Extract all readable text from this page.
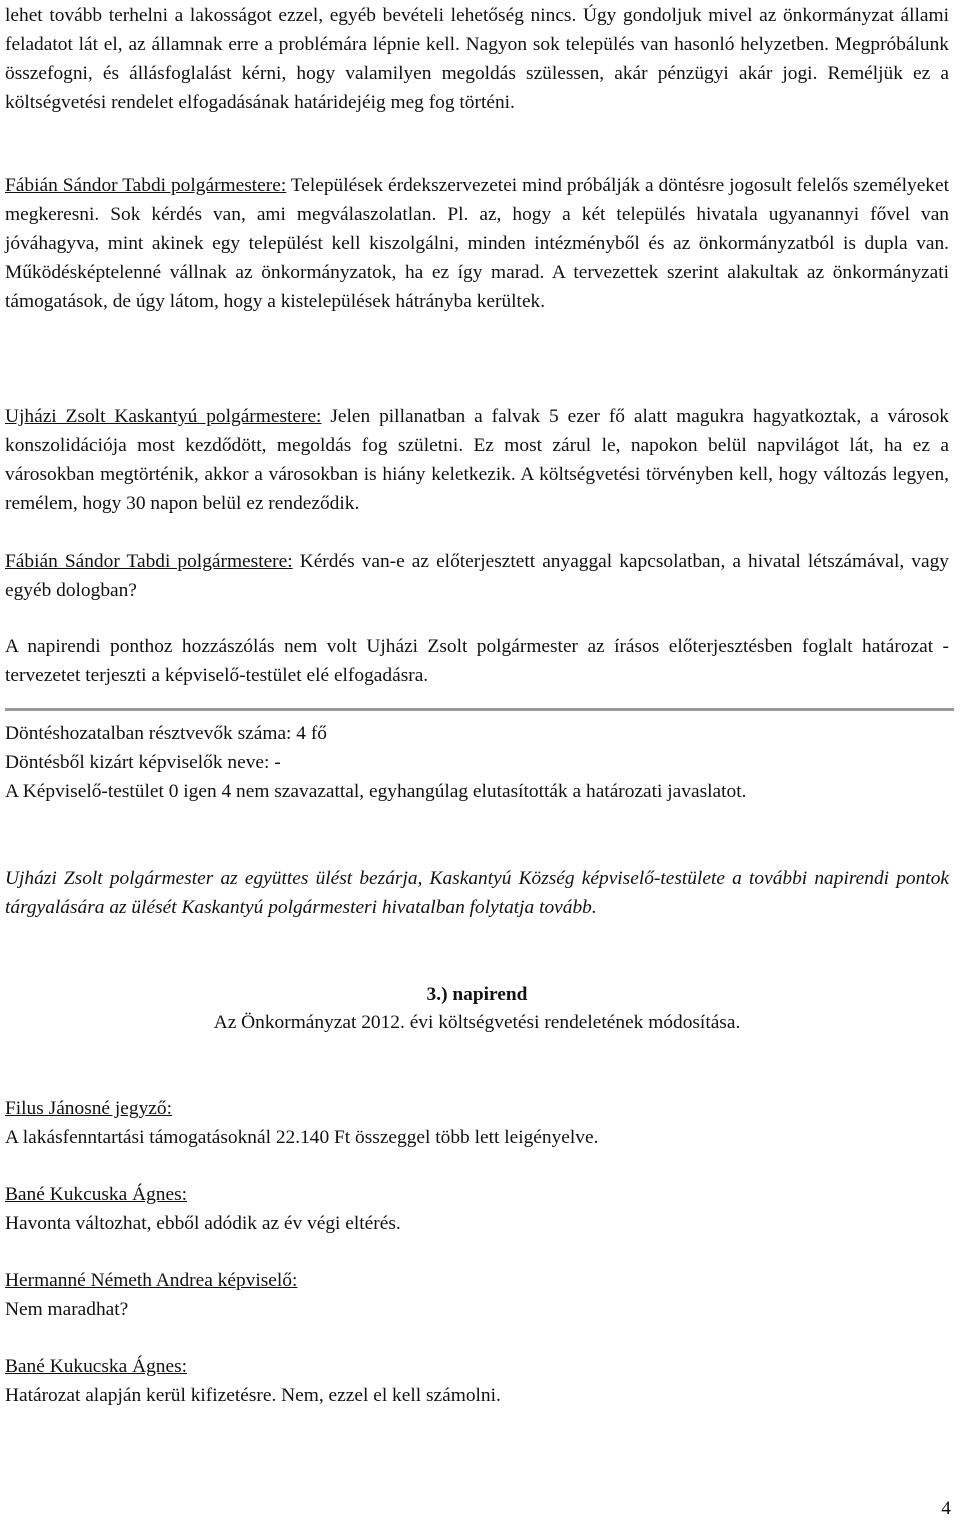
lehet tovább terhelni a lakosságot ezzel, egyéb bevételi lehetőség nincs. Úgy gondoljuk mivel az önkormányzat állami feladatot lát el, az államnak erre a problémára lépnie kell. Nagyon sok település van hasonló helyzetben. Megpróbálunk összefogni, és állásfoglalást kérni, hogy valamilyen megoldás szülessen, akár pénzügyi akár jogi. Reméljük ez a költségvetési rendelet elfogadásának határidejéig meg fog történi.

Fábián Sándor Tabdi polgármestere: Települések érdekszervezetei mind próbálják a döntésre jogosult felelős személyeket megkeresni. Sok kérdés van, ami megválaszolatlan. Pl. az, hogy a két település hivatala ugyanannyi fővel van jóváhagyva, mint akinek egy települést kell kiszolgálni, minden intézményből és az önkormányzatból is dupla van. Működésképtelenné vállnak az önkormányzatok, ha ez így marad. A tervezettek szerint alakultak az önkormányzati támogatások, de úgy látom, hogy a kistelepülések hátrányba kerültek.

Ujházi Zsolt Kaskantyú polgármestere: Jelen pillanatban a falvak 5 ezer fő alatt magukra hagyatkoztak, a városok konszolidációja most kezdődött, megoldás fog születni. Ez most zárul le, napokon belül napvilágot lát, ha ez a városokban megtörténik, akkor a városokban is hiány keletkezik. A költségvetési törvényben kell, hogy változás legyen, remélem, hogy 30 napon belül ez rendeződik.

Fábián Sándor Tabdi polgármestere: Kérdés van-e az előterjesztett anyaggal kapcsolatban, a hivatal létszámával, vagy egyéb dologban?

A napirendi ponthoz hozzászólás nem volt Ujházi Zsolt polgármester az írásos előterjesztésben foglalt határozat - tervezetet terjeszti a képviselő-testület elé elfogadásra.

Döntéshozatalban résztvevők száma: 4 fő

Döntésből kizárt képviselők neve: -

A Képviselő-testület 0 igen 4 nem szavazattal, egyhangúlag elutasították a határozati javaslatot.

Ujházi Zsolt polgármester az együttes ülést bezárja, Kaskantyú Község képviselő-testülete a további napirendi pontok tárgyalására az ülését Kaskantyú polgármesteri hivatalban folytatja tovább.

3.) napirend
Az Önkormányzat 2012. évi költségvetési rendeletének módosítása.

Filus Jánosné jegyző:

A lakásfenntartási támogatásoknál 22.140 Ft összeggel több lett leigényelve.

Bané Kukcuska Ágnes:

Havonta változhat, ebből adódik az év végi eltérés.

Hermanné Németh Andrea képviselő:

Nem maradhat?

Bané Kukucska Ágnes:

Határozat alapján kerül kifizetésre. Nem, ezzel el kell számolni.

4
